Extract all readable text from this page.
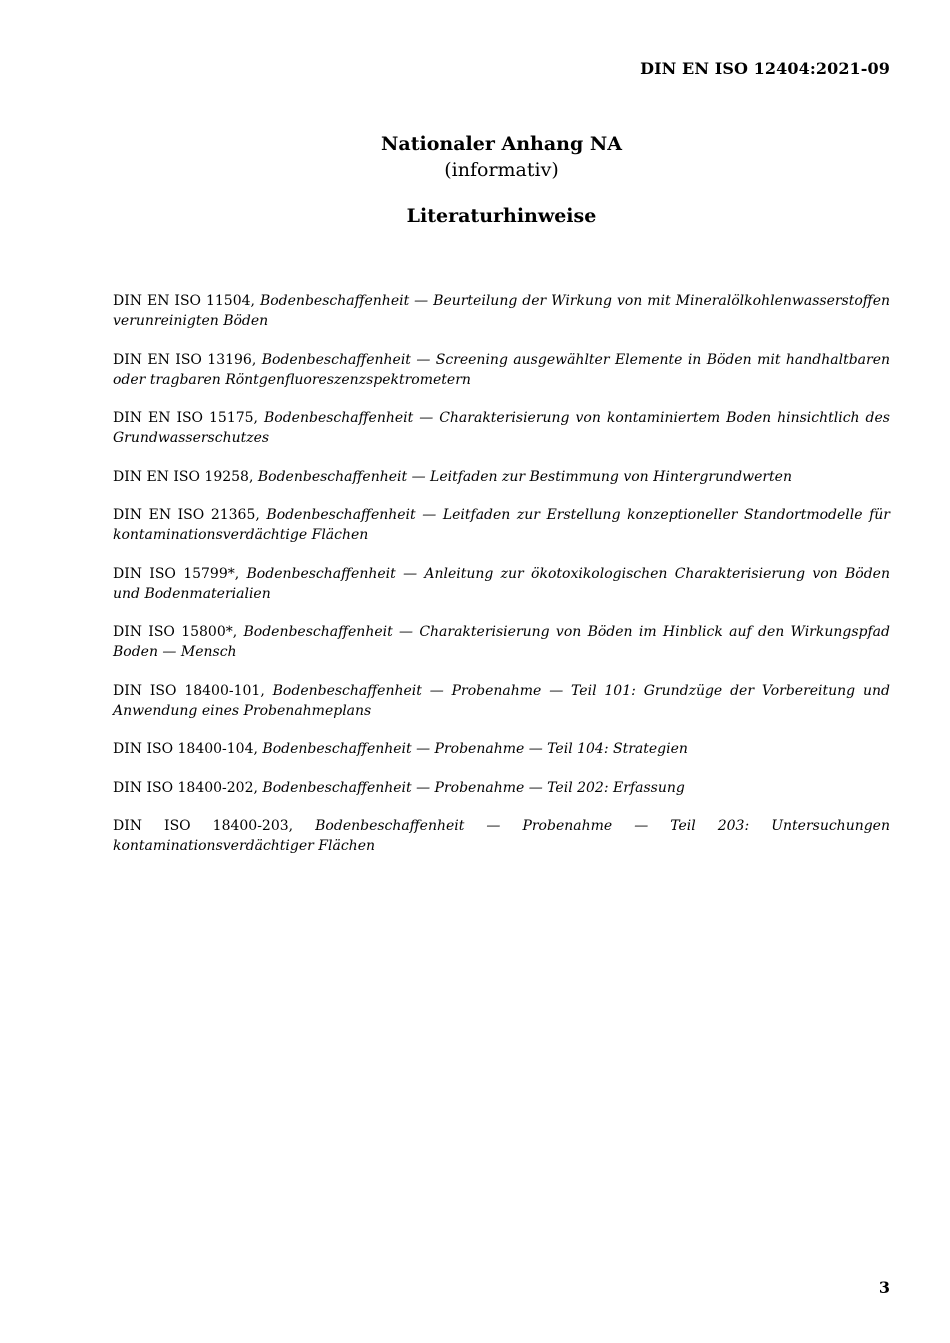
DIN EN ISO 12404:2021-09
Nationaler Anhang NA
(informativ)
Literaturhinweise

DIN EN ISO 11504, Bodenbeschaffenheit — Beurteilung der Wirkung von mit Mineralölkohlenwasserstoffen verunreinigten Böden

DIN EN ISO 13196, Bodenbeschaffenheit — Screening ausgewählter Elemente in Böden mit handhaltbaren oder tragbaren Röntgenfluoreszenzspektrometern

DIN EN ISO 15175, Bodenbeschaffenheit — Charakterisierung von kontaminiertem Boden hinsichtlich des Grundwasserschutzes

DIN EN ISO 19258, Bodenbeschaffenheit — Leitfaden zur Bestimmung von Hintergrundwerten

DIN EN ISO 21365, Bodenbeschaffenheit — Leitfaden zur Erstellung konzeptioneller Standortmodelle für kontaminationsverdächtige Flächen

DIN ISO 15799*, Bodenbeschaffenheit — Anleitung zur ökotoxikologischen Charakterisierung von Böden und Bodenmaterialien

DIN ISO 15800*, Bodenbeschaffenheit — Charakterisierung von Böden im Hinblick auf den Wirkungspfad Boden — Mensch

DIN ISO 18400-101, Bodenbeschaffenheit — Probenahme — Teil 101: Grundzüge der Vorbereitung und Anwendung eines Probenahmeplans

DIN ISO 18400-104, Bodenbeschaffenheit — Probenahme — Teil 104: Strategien

DIN ISO 18400-202, Bodenbeschaffenheit — Probenahme — Teil 202: Erfassung

DIN ISO 18400-203, Bodenbeschaffenheit — Probenahme — Teil 203: Untersuchungen kontaminationsverdächtiger Flächen

3
